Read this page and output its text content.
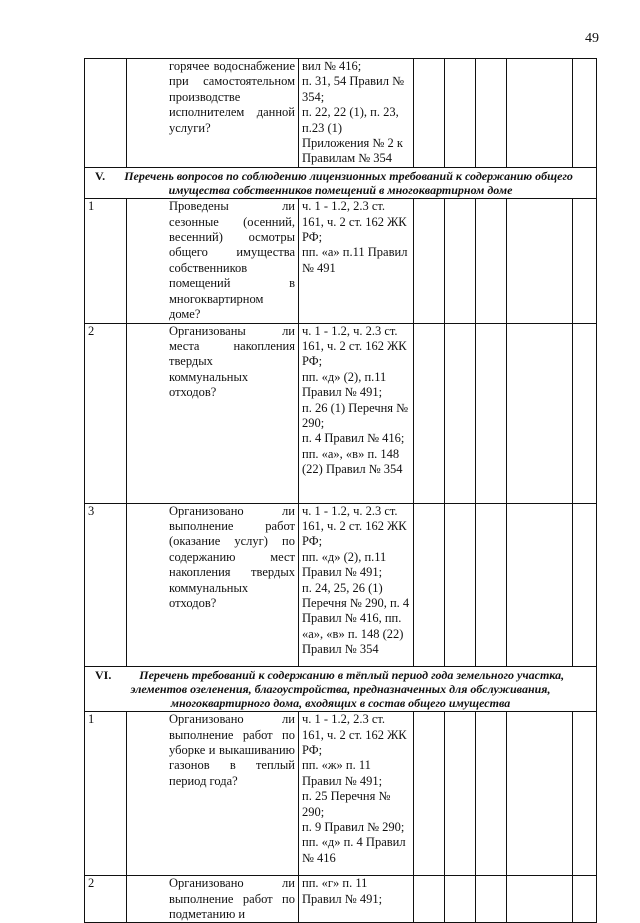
49

	горячее водоснабжение при самостоятельном производстве исполнителем данной услуги?	вил № 416;
п. 31, 54 Правил № 354;
п. 22, 22 (1), п. 23, п.23 (1) Приложения № 2 к Правилам № 354					

V. Перечень вопросов по соблюдению лицензионных требований к содержанию общего имущества собственников помещений в многоквартирном доме							
1	Проведены ли сезонные (осенний, весенний) осмотры общего имущества собственников помещений в многоквартирном доме?	ч. 1 - 1.2, 2.3 ст. 161, ч. 2 ст. 162 ЖК РФ;
пп. «а» п.11 Правил № 491					
2	Организованы ли места накопления твердых коммунальных отходов?	ч. 1 - 1.2, ч. 2.3 ст. 161, ч. 2 ст. 162 ЖК РФ;
пп. «д» (2), п.11 Правил № 491;
п. 26 (1) Перечня № 290;
п. 4 Правил № 416;
пп. «а», «в» п. 148 (22) Правил № 354					
3	Организовано ли выполнение работ (оказание услуг) по содержанию мест накопления твердых коммунальных отходов?	ч. 1 - 1.2, ч. 2.3 ст. 161, ч. 2 ст. 162 ЖК РФ;
пп. «д» (2), п.11 Правил № 491;
п. 24, 25, 26 (1) Перечня № 290, п. 4 Правил № 416, пп. «а», «в» п. 148 (22) Правил № 354					

VI. Перечень требований к содержанию в тёплый период года земельного участка, элементов озеленения, благоустройства, предназначенных для обслуживания, многоквартирного дома, входящих в состав общего имущества							
1	Организовано ли выполнение работ по уборке и выкашиванию газонов в теплый период года?	ч. 1 - 1.2, 2.3 ст. 161, ч. 2 ст. 162 ЖК РФ;
пп. «ж» п. 11 Правил № 491;
п. 25 Перечня № 290;
п. 9 Правил № 290;
пп. «д» п. 4 Правил № 416					
2	Организовано ли выполнение работ по подметанию и	пп. «г» п. 11 Правил № 491;					
